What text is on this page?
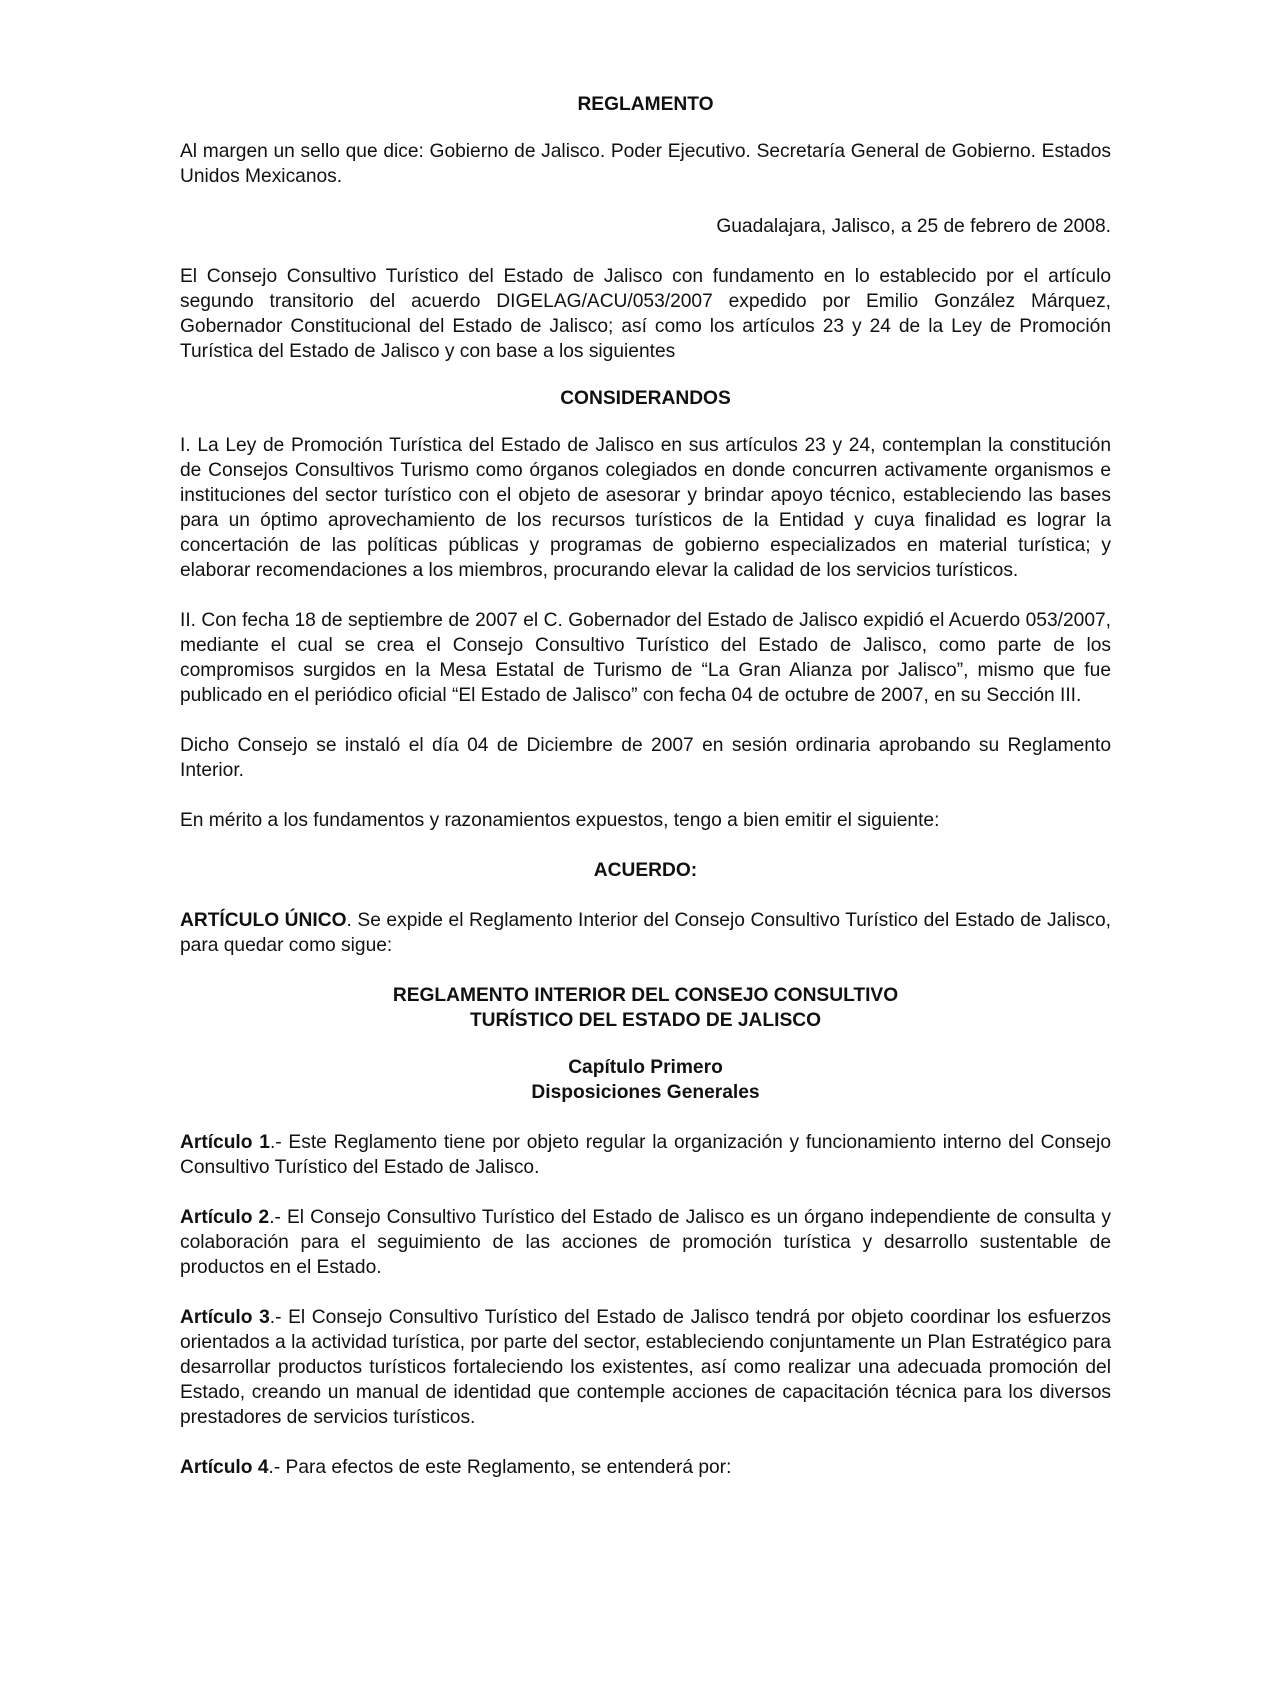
REGLAMENTO

Al margen un sello que dice: Gobierno de Jalisco. Poder Ejecutivo. Secretaría General de Gobierno. Estados Unidos Mexicanos.

Guadalajara, Jalisco, a 25 de febrero de 2008.

El Consejo Consultivo Turístico del Estado de Jalisco con fundamento en lo establecido por el artículo segundo transitorio del acuerdo DIGELAG/ACU/053/2007 expedido por Emilio González Márquez, Gobernador Constitucional del Estado de Jalisco; así como los artículos 23 y 24 de la Ley de Promoción Turística del Estado de Jalisco y con base a los siguientes

CONSIDERANDOS

I. La Ley de Promoción Turística del Estado de Jalisco en sus artículos 23 y 24, contemplan la constitución de Consejos Consultivos Turismo como órganos colegiados en donde concurren activamente organismos e instituciones del sector turístico con el objeto de asesorar y brindar apoyo técnico, estableciendo las bases para un óptimo aprovechamiento de los recursos turísticos de la Entidad y cuya finalidad es lograr la concertación de las políticas públicas y programas de gobierno especializados en material turística; y elaborar recomendaciones a los miembros, procurando elevar la calidad de los servicios turísticos.

II. Con fecha 18 de septiembre de 2007 el C. Gobernador del Estado de Jalisco expidió el Acuerdo 053/2007, mediante el cual se crea el Consejo Consultivo Turístico del Estado de Jalisco, como parte de los compromisos surgidos en la Mesa Estatal de Turismo de “La Gran Alianza por Jalisco”, mismo que fue publicado en el periódico oficial “El Estado de Jalisco” con fecha 04 de octubre de 2007, en su Sección III.

Dicho Consejo se instaló el día 04 de Diciembre de 2007 en sesión ordinaria aprobando su Reglamento Interior.

En mérito a los fundamentos y razonamientos expuestos, tengo a bien emitir el siguiente:

ACUERDO:

ARTÍCULO ÚNICO. Se expide el Reglamento Interior del Consejo Consultivo Turístico del Estado de Jalisco, para quedar como sigue:

REGLAMENTO INTERIOR DEL CONSEJO CONSULTIVO
TURÍSTICO DEL ESTADO DE JALISCO
Capítulo Primero
Disposiciones Generales

Artículo 1.- Este Reglamento tiene por objeto regular la organización y funcionamiento interno del Consejo Consultivo Turístico del Estado de Jalisco.

Artículo 2.- El Consejo Consultivo Turístico del Estado de Jalisco es un órgano independiente de consulta y colaboración para el seguimiento de las acciones de promoción turística y desarrollo sustentable de productos en el Estado.

Artículo 3.- El Consejo Consultivo Turístico del Estado de Jalisco tendrá por objeto coordinar los esfuerzos orientados a la actividad turística, por parte del sector, estableciendo conjuntamente un Plan Estratégico para desarrollar productos turísticos fortaleciendo los existentes, así como realizar una adecuada promoción del Estado, creando un manual de identidad que contemple acciones de capacitación técnica para los diversos prestadores de servicios turísticos.

Artículo 4.- Para efectos de este Reglamento, se entenderá por:
